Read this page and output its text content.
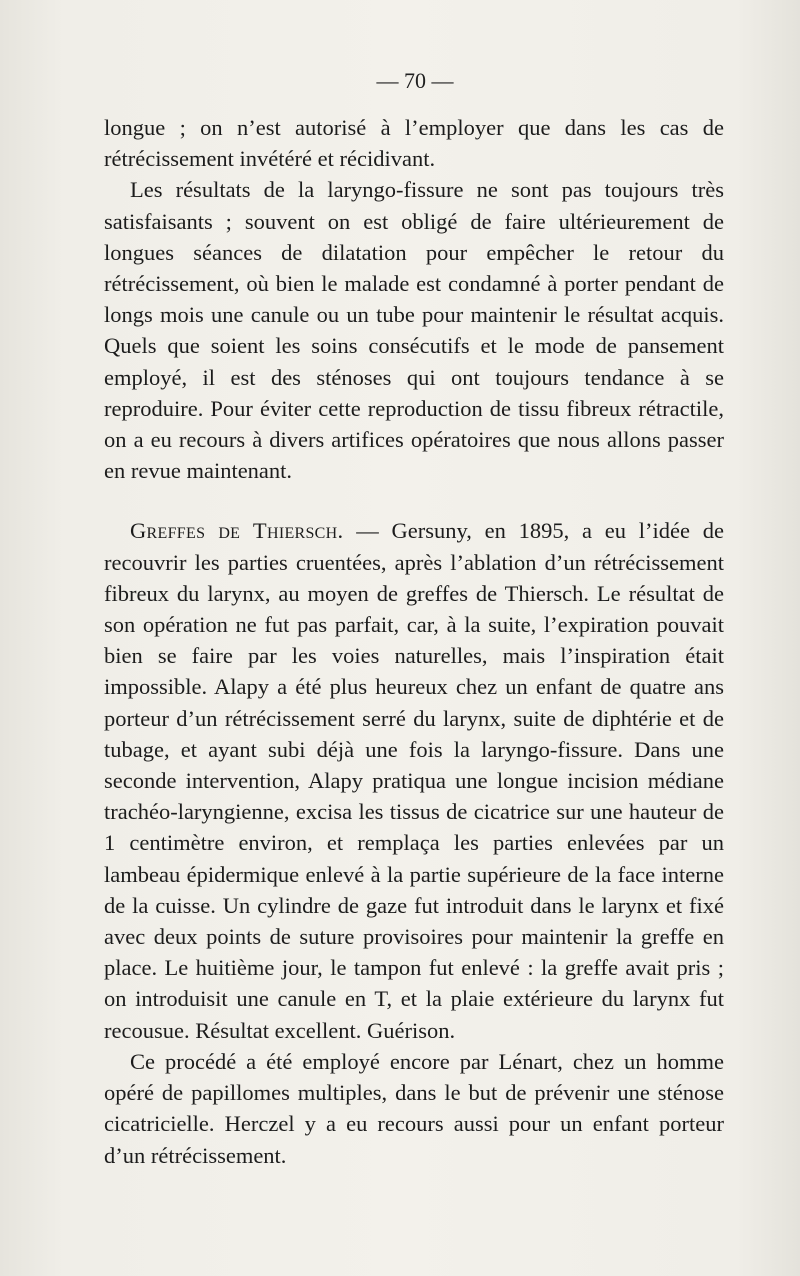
— 70 —

longue ; on n’est autorisé à l’employer que dans les cas de rétrécissement invétéré et récidivant.

Les résultats de la laryngo-fissure ne sont pas toujours très satisfaisants ; souvent on est obligé de faire ultérieurement de longues séances de dilatation pour empêcher le retour du rétrécissement, où bien le malade est condamné à porter pendant de longs mois une canule ou un tube pour maintenir le résultat acquis. Quels que soient les soins consécutifs et le mode de pansement employé, il est des sténoses qui ont toujours tendance à se reproduire. Pour éviter cette reproduction de tissu fibreux rétractile, on a eu recours à divers artifices opératoires que nous allons passer en revue maintenant.

Greffes de Thiersch. — Gersuny, en 1895, a eu l’idée de recouvrir les parties cruentées, après l’ablation d’un rétrécissement fibreux du larynx, au moyen de greffes de Thiersch. Le résultat de son opération ne fut pas parfait, car, à la suite, l’expiration pouvait bien se faire par les voies naturelles, mais l’inspiration était impossible. Alapy a été plus heureux chez un enfant de quatre ans porteur d’un rétrécissement serré du larynx, suite de diphtérie et de tubage, et ayant subi déjà une fois la laryngo-fissure. Dans une seconde intervention, Alapy pratiqua une longue incision médiane trachéo-laryngienne, excisa les tissus de cicatrice sur une hauteur de 1 centimètre environ, et remplaça les parties enlevées par un lambeau épidermique enlevé à la partie supérieure de la face interne de la cuisse. Un cylindre de gaze fut introduit dans le larynx et fixé avec deux points de suture provisoires pour maintenir la greffe en place. Le huitième jour, le tampon fut enlevé : la greffe avait pris ; on introduisit une canule en T, et la plaie extérieure du larynx fut recousue. Résultat excellent. Guérison.

Ce procédé a été employé encore par Lénart, chez un homme opéré de papillomes multiples, dans le but de prévenir une sténose cicatricielle. Herczel y a eu recours aussi pour un enfant porteur d’un rétrécissement.
